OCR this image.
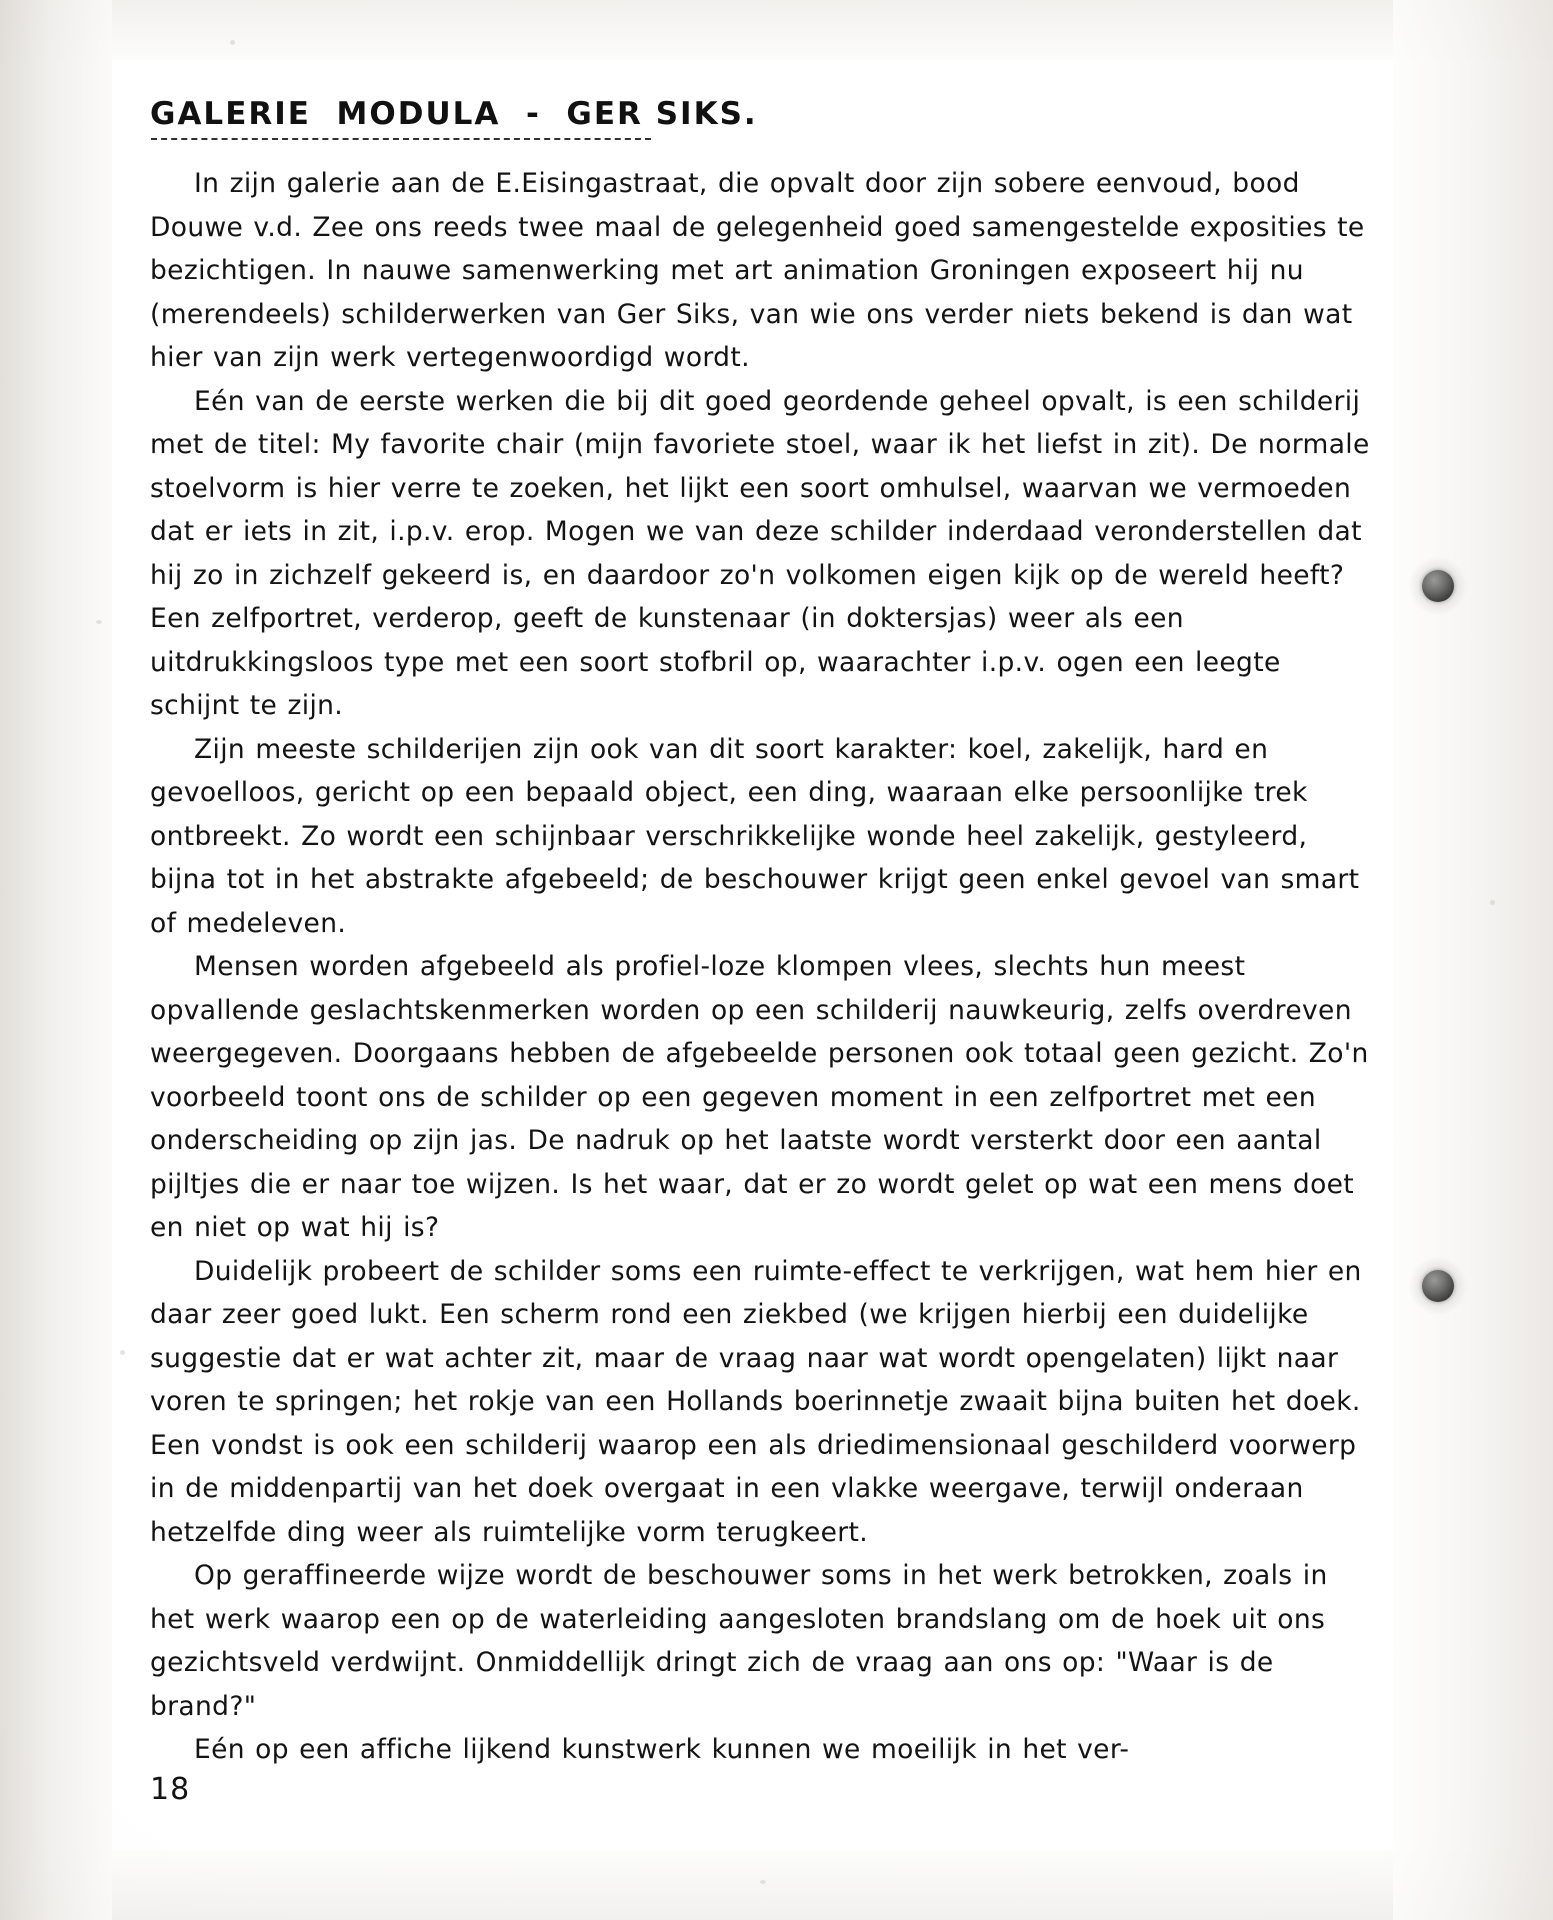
GALERIE  MODULA  -  GER SIKS.

In zijn galerie aan de E.Eisingastraat, die opvalt door zijn sobere eenvoud, bood Douwe v.d. Zee ons reeds twee maal de gelegenheid goed samengestelde exposities te bezichtigen. In nauwe samenwerking met art animation Groningen exposeert hij nu (merendeels) schilderwerken van Ger Siks, van wie ons verder niets bekend is dan wat hier van zijn werk vertegenwoordigd wordt.

Eén van de eerste werken die bij dit goed geordende geheel opvalt, is een schilderij met de titel: My favorite chair (mijn favoriete stoel, waar ik het liefst in zit). De normale stoelvorm is hier verre te zoeken, het lijkt een soort omhulsel, waarvan we vermoeden dat er iets in zit, i.p.v. erop. Mogen we van deze schilder inderdaad veronderstellen dat hij zo in zichzelf gekeerd is, en daardoor zo'n volkomen eigen kijk op de wereld heeft? Een zelfportret, verderop, geeft de kunstenaar (in doktersjas) weer als een uitdrukkingsloos type met een soort stofbril op, waarachter i.p.v. ogen een leegte schijnt te zijn.

Zijn meeste schilderijen zijn ook van dit soort karakter: koel, zakelijk, hard en gevoelloos, gericht op een bepaald object, een ding, waaraan elke persoonlijke trek ontbreekt. Zo wordt een schijnbaar verschrikkelijke wonde heel zakelijk, gestyleerd, bijna tot in het abstrakte afgebeeld; de beschouwer krijgt geen enkel gevoel van smart of medeleven.

Mensen worden afgebeeld als profiel-loze klompen vlees, slechts hun meest opvallende geslachtskenmerken worden op een schilderij nauwkeurig, zelfs overdreven weergegeven. Doorgaans hebben de afgebeelde personen ook totaal geen gezicht. Zo'n voorbeeld toont ons de schilder op een gegeven moment in een zelfportret met een onderscheiding op zijn jas. De nadruk op het laatste wordt versterkt door een aantal pijltjes die er naar toe wijzen. Is het waar, dat er zo wordt gelet op wat een mens doet en niet op wat hij is?

Duidelijk probeert de schilder soms een ruimte-effect te verkrijgen, wat hem hier en daar zeer goed lukt. Een scherm rond een ziekbed (we krijgen hierbij een duidelijke suggestie dat er wat achter zit, maar de vraag naar wat wordt opengelaten) lijkt naar voren te springen; het rokje van een Hollands boerinnetje zwaait bijna buiten het doek. Een vondst is ook een schilderij waarop een als driedimensionaal geschilderd voorwerp in de middenpartij van het doek overgaat in een vlakke weergave, terwijl onderaan hetzelfde ding weer als ruimtelijke vorm terugkeert.

Op geraffineerde wijze wordt de beschouwer soms in het werk betrokken, zoals in het werk waarop een op de waterleiding aangesloten brandslang om de hoek uit ons gezichtsveld verdwijnt. Onmiddellijk dringt zich de vraag aan ons op: "Waar is de brand?"

Eén op een affiche lijkend kunstwerk kunnen we moeilijk in het ver-

18
